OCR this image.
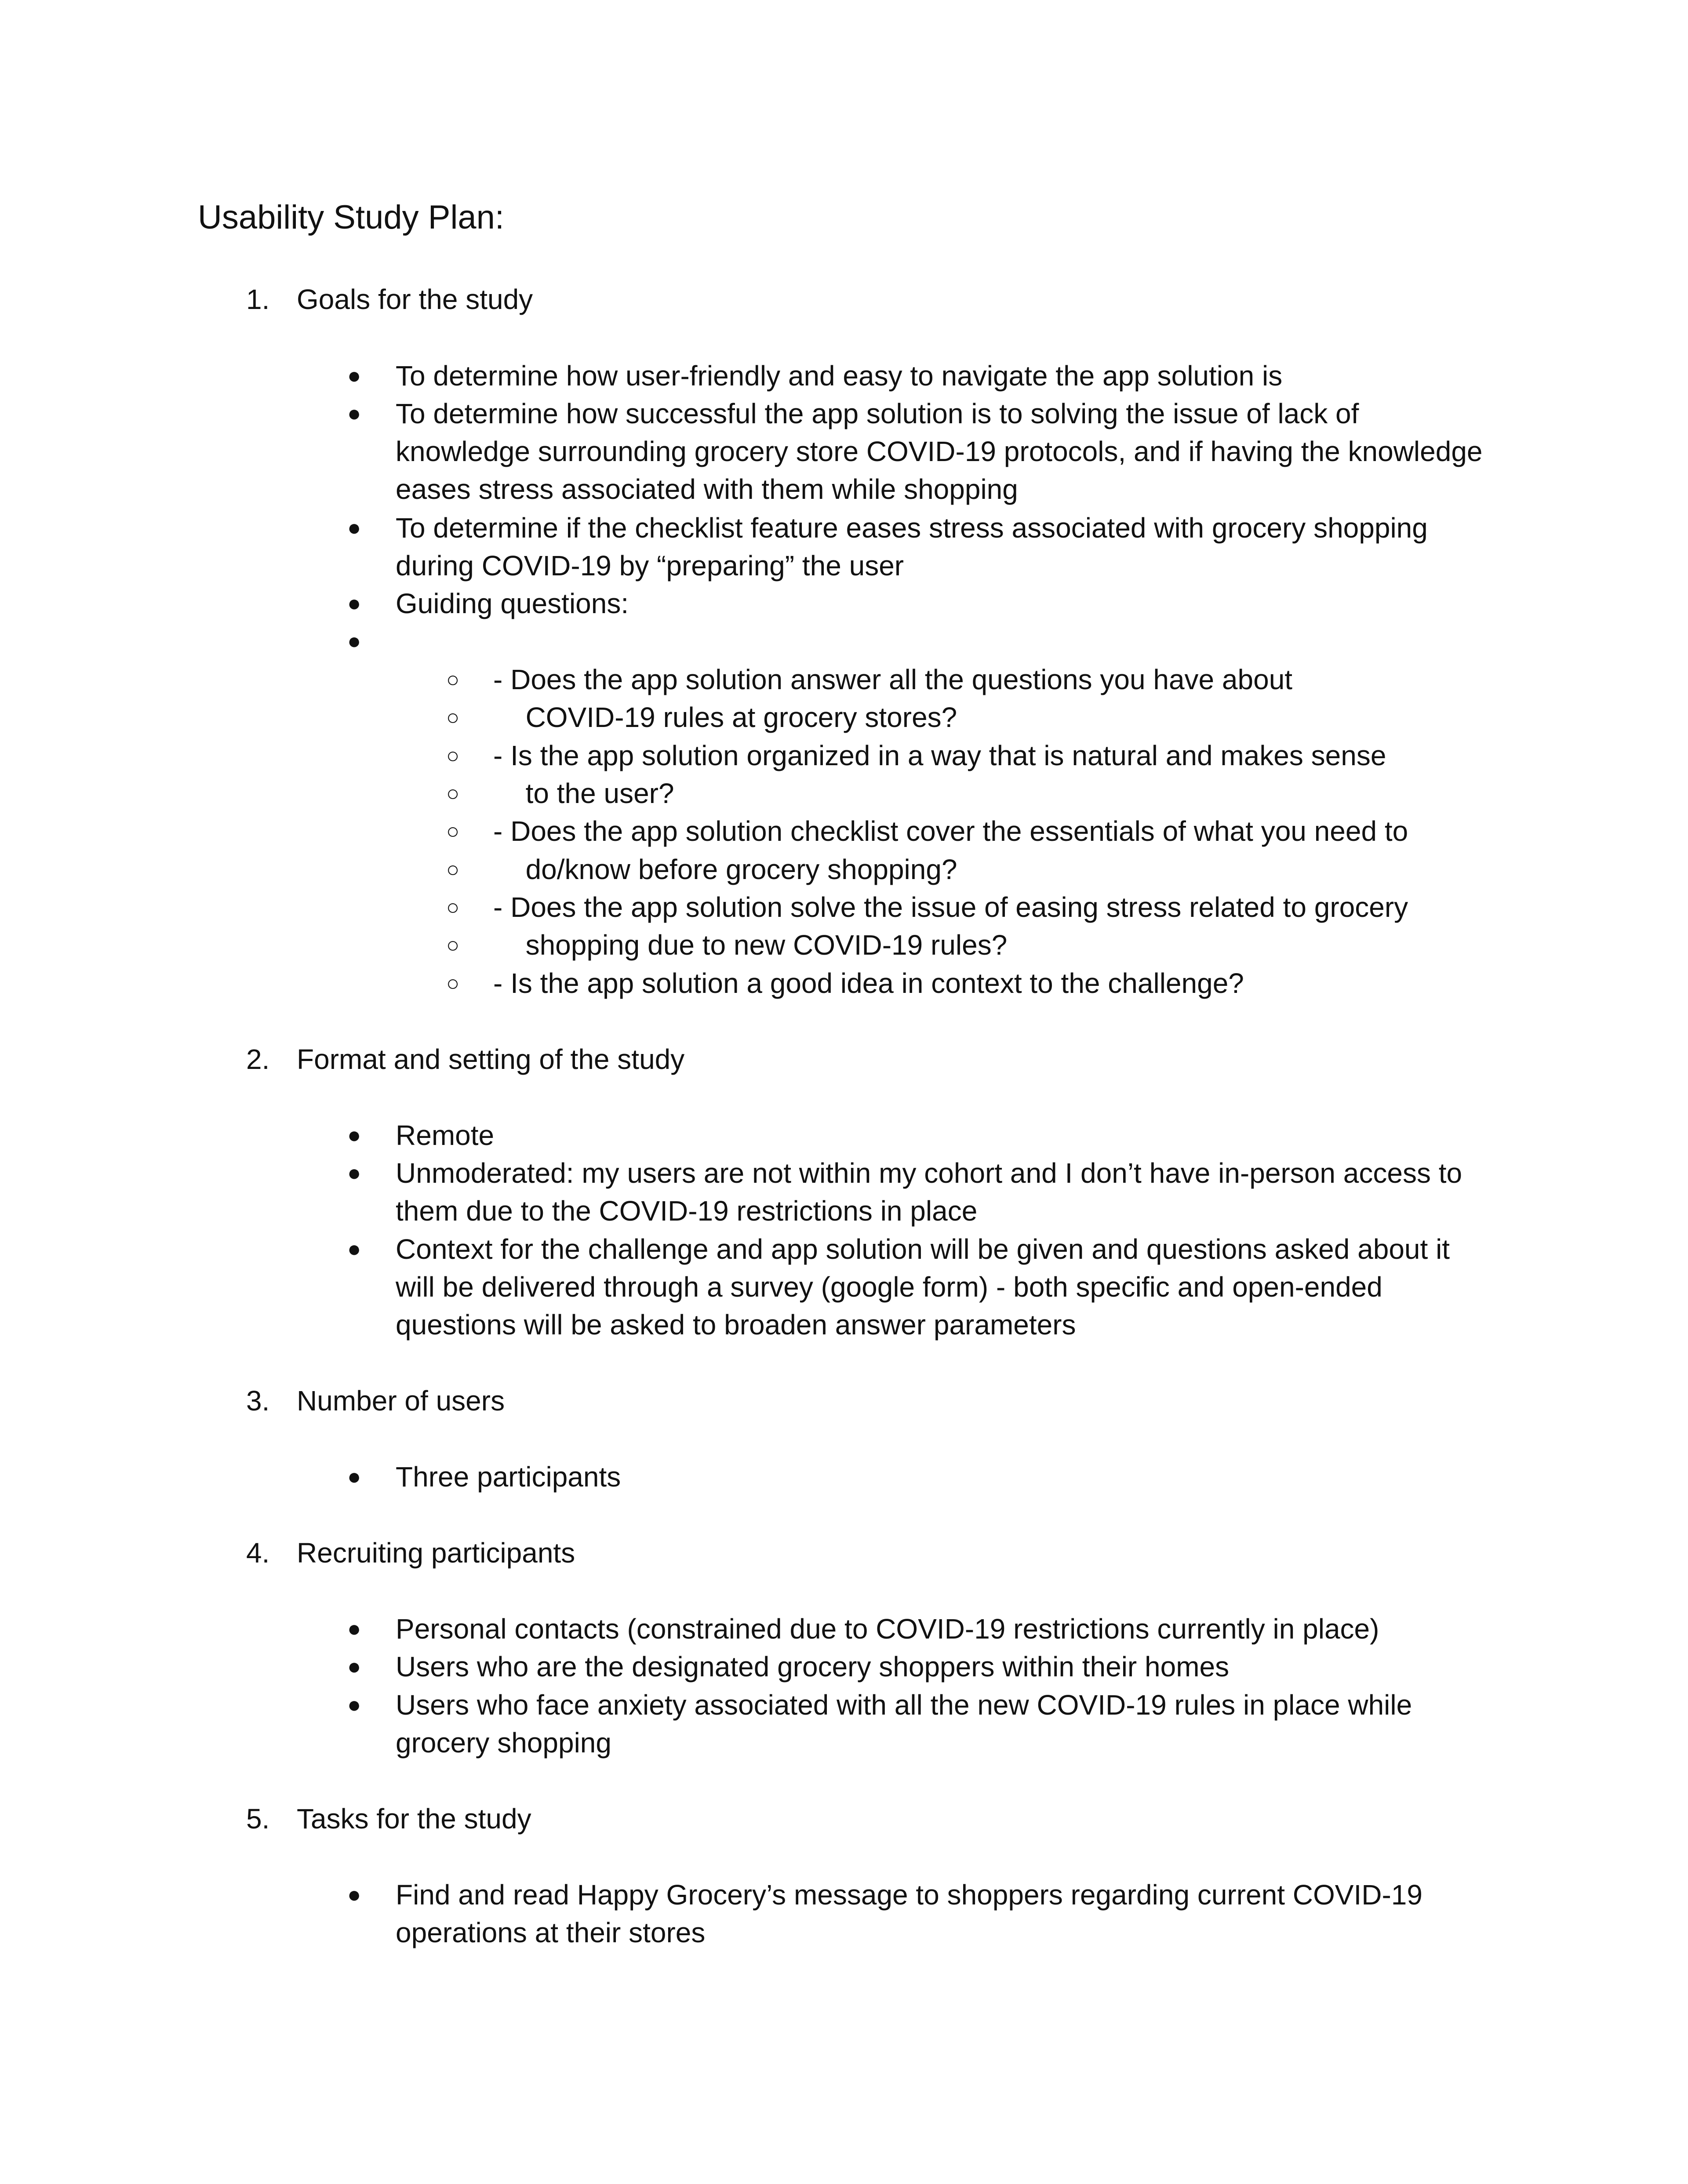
Usability Study Plan:
1. Goals for the study
● To determine how user-friendly and easy to navigate the app solution is
● To determine how successful the app solution is to solving the issue of lack of
knowledge surrounding grocery store COVID-19 protocols, and if having the knowledge
eases stress associated with them while shopping
● To determine if the checklist feature eases stress associated with grocery shopping
during COVID-19 by “preparing” the user
● Guiding questions:
●
○ - Does the app solution answer all the questions you have about
○ COVID-19 rules at grocery stores?
○ - Is the app solution organized in a way that is natural and makes sense
○ to the user?
○ - Does the app solution checklist cover the essentials of what you need to
○ do/know before grocery shopping?
○ - Does the app solution solve the issue of easing stress related to grocery
○ shopping due to new COVID-19 rules?
○ - Is the app solution a good idea in context to the challenge?
2. Format and setting of the study
● Remote
● Unmoderated: my users are not within my cohort and I don’t have in-person access to
them due to the COVID-19 restrictions in place
● Context for the challenge and app solution will be given and questions asked about it
will be delivered through a survey (google form) - both specific and open-ended
questions will be asked to broaden answer parameters
3. Number of users
● Three participants
4. Recruiting participants
● Personal contacts (constrained due to COVID-19 restrictions currently in place)
● Users who are the designated grocery shoppers within their homes
● Users who face anxiety associated with all the new COVID-19 rules in place while
grocery shopping
5. Tasks for the study
● Find and read Happy Grocery’s message to shoppers regarding current COVID-19
operations at their stores
